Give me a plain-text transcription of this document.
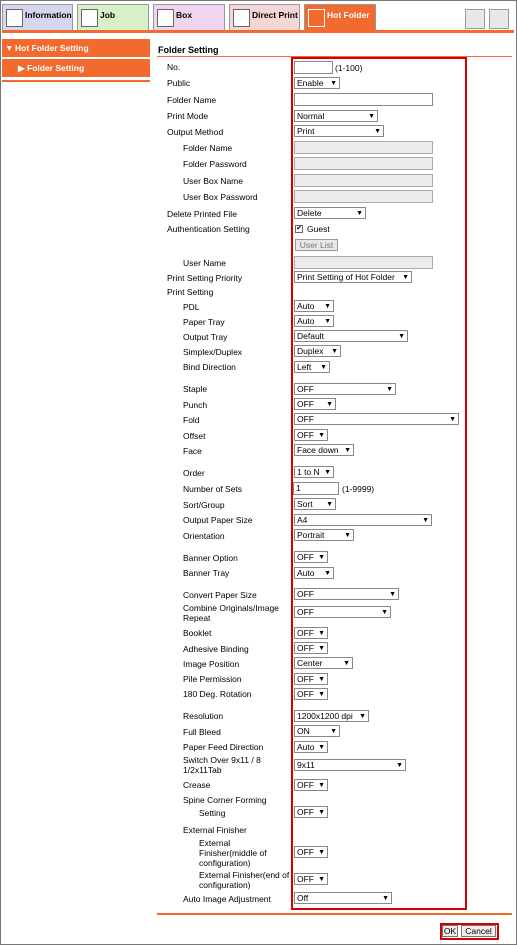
Information	Job	Box	Direct Print	Hot Folder
▼ Hot Folder Setting
▶ Folder Setting
Folder Setting
No.	(1-100)
Public	Enable ▼
Folder Name
Print Mode	Normal	▼
Output Method	Print	▼
Folder Name
Folder Password
User Box Name
User Box Password
Delete Printed File	Delete	▼
Authentication Setting	✔ Guest
User List
User Name
Print Setting Priority	Print Setting of Hot Folder ▼
Print Setting
PDL	Auto ▼
Paper Tray	Auto ▼
Output Tray	Default	▼
Simplex/Duplex	Duplex ▼
Bind Direction	Left ▼
Staple	OFF	▼
Punch	OFF ▼
Fold	OFF	▼
Offset	OFF ▼
Face	Face down ▼
Order	1 to N ▼
Number of Sets	1	(1-9999)
Sort/Group	Sort ▼
Output Paper Size	A4	▼
Orientation	Portrait	▼
Banner Option	OFF ▼
Banner Tray	Auto ▼
Convert Paper Size	OFF	▼
Combine Originals/Image Repeat
OFF	▼
Booklet	OFF ▼
Adhesive Binding	OFF ▼
Image Position	Center	▼
Pile Permission	OFF ▼
180 Deg. Rotation	OFF ▼
Resolution	1200x1200 dpi ▼
Full Bleed	ON	▼
Paper Feed Direction	Auto ▼
Switch Over 9x11 / 8 1/2x11Tab	9x11	▼
Crease	OFF ▼
Spine Corner Forming
Setting	OFF ▼
External Finisher
External Finisher(middle of configuration)
OFF ▼
External Finisher(end of configuration)
OFF ▼
Auto Image Adjustment	Off	▼
OK	Cancel
